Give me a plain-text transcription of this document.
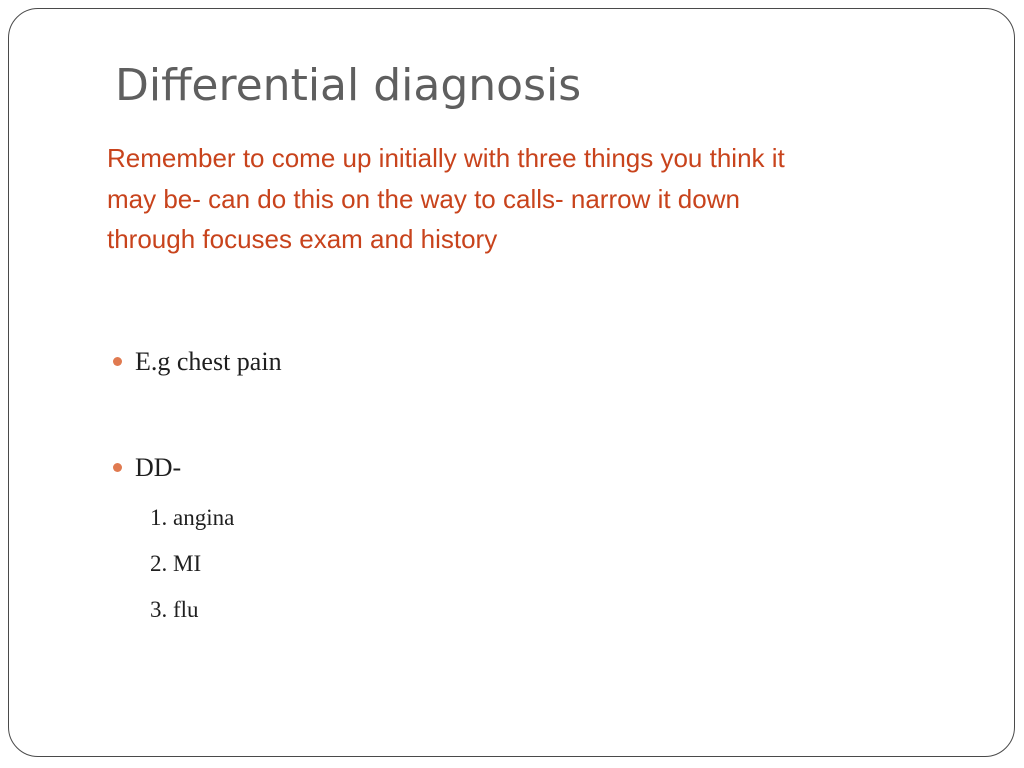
Differential diagnosis

Remember to come up initially with three things you think it may be- can do this on the way to calls- narrow it down through focuses exam and history

E.g chest pain
DD-
1. angina
2. MI
3. flu
